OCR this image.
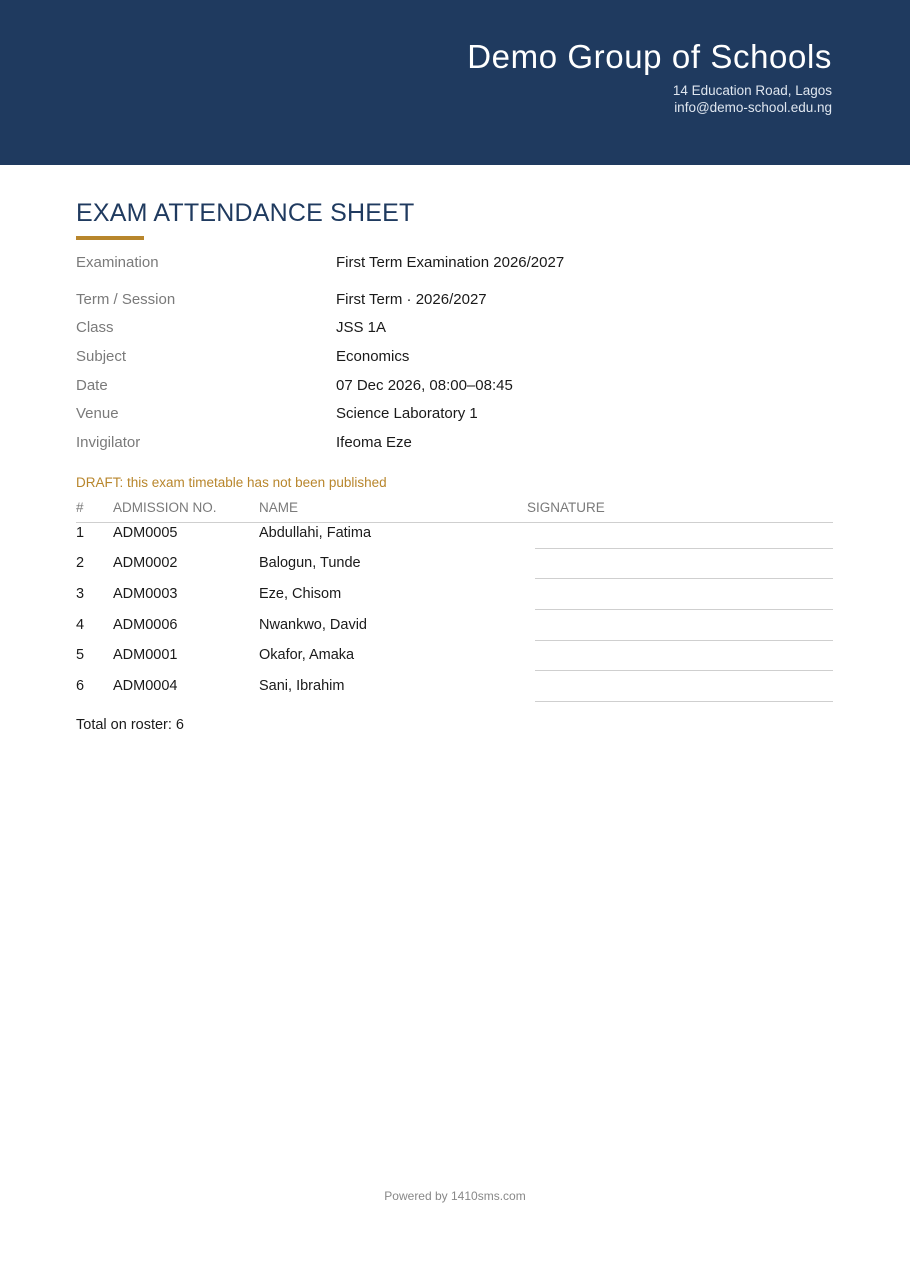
Demo Group of Schools
14 Education Road, Lagos
info@demo-school.edu.ng
EXAM ATTENDANCE SHEET
Examination	First Term Examination 2026/2027
Term / Session	First Term · 2026/2027
Class	JSS 1A
Subject	Economics
Date	07 Dec 2026, 08:00–08:45
Venue	Science Laboratory 1
Invigilator	Ifeoma Eze
DRAFT: this exam timetable has not been published
# ADMISSION NO.	NAME	SIGNATURE
1 ADM0005	Abdullahi, Fatima
2 ADM0002	Balogun, Tunde
3 ADM0003	Eze, Chisom
4 ADM0006	Nwankwo, David
5 ADM0001	Okafor, Amaka
6 ADM0004	Sani, Ibrahim
Total on roster: 6
Powered by 1410sms.com
